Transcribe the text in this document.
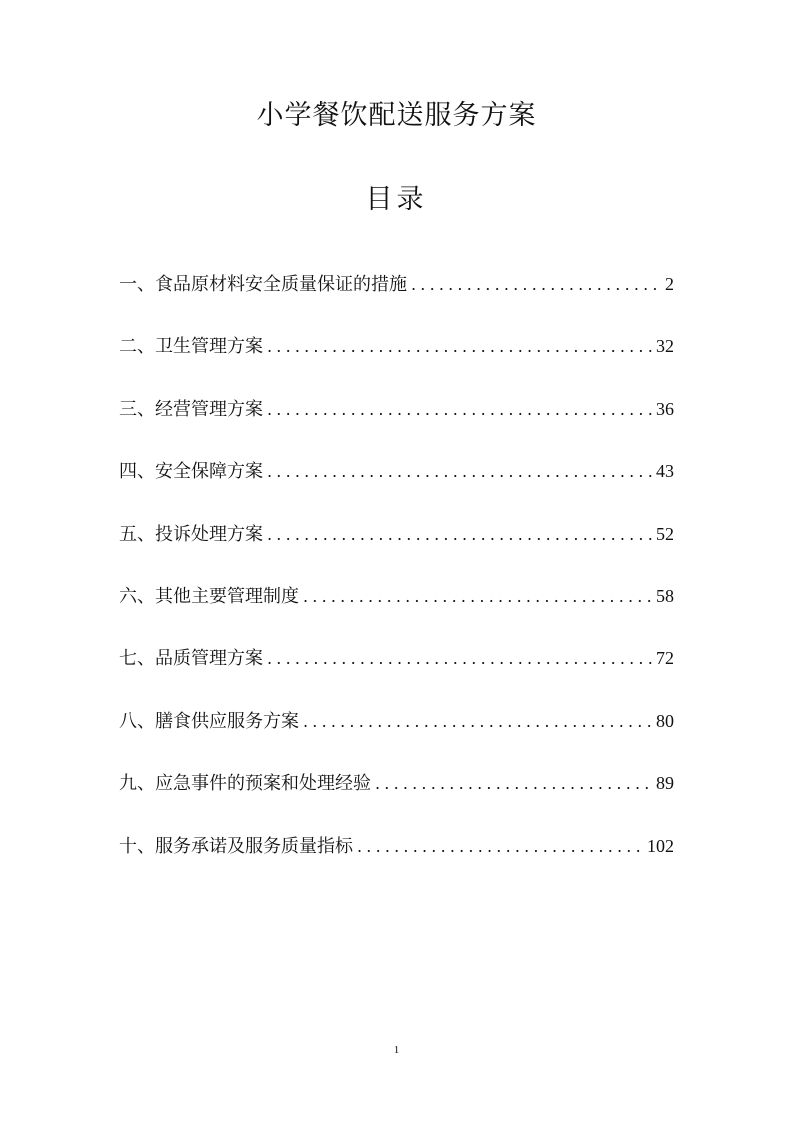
小学餐饮配送服务方案
目录
一、食品原材料安全质量保证的措施 .....	2
二、卫生管理方案 .....	32
三、经营管理方案 .....	36
四、安全保障方案 .....	43
五、投诉处理方案 .....	52
六、其他主要管理制度 .....	58
七、品质管理方案 .....	72
八、膳食供应服务方案 .....	80
九、应急事件的预案和处理经验 .....	89
十、服务承诺及服务质量指标 .....	102
1
